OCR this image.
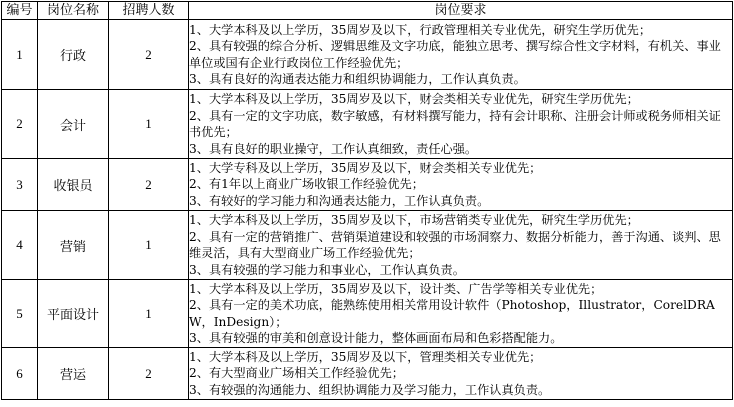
编号	岗位名称	招聘人数	岗位要求
1	行政	2	1、大学本科及以上学历，35周岁及以下，行政管理相关专业优先，研究生学历优先；
2、具有较强的综合分析、逻辑思维及文字功底，能独立思考、撰写综合性文字材料，有机关、事业单位或国有企业行政岗位工作经验优先；
3、具有良好的沟通表达能力和组织协调能力，工作认真负责。

2	会计	1	1、大学本科及以上学历，35周岁及以下，财会类相关专业优先，研究生学历优先；
2、具有一定的文字功底，数字敏感，有材料撰写能力，持有会计职称、注册会计师或税务师相关证书优先；
3、具有良好的职业操守，工作认真细致，责任心强。

3	收银员	2	1、大学专科及以上学历，35周岁及以下，财会类相关专业优先；
2、有1年以上商业广场收银工作经验优先；
3、有较好的学习能力和沟通表达能力，工作认真负责。

4	营销	1	1、大学本科及以上学历，35周岁及以下，市场营销类专业优先，研究生学历优先；
2、具有一定的营销推广、营销渠道建设和较强的市场洞察力、数据分析能力，善于沟通、谈判、思维灵活，具有大型商业广场工作经验优先；
3、具有较强的学习能力和事业心，工作认真负责。

5	平面设计	1	1、大学本科及以上学历，35周岁及以下，设计类、广告学等相关专业优先；
2、具有一定的美术功底，能熟练使用相关常用设计软件（Photoshop，Illustrator，CorelDRAW，InDesign）；
3、具有较强的审美和创意设计能力，整体画面布局和色彩搭配能力。

6	营运	2	1、大学本科及以上学历，35周岁及以下，管理类相关专业优先；
2、有大型商业广场相关工作经验优先；
3、有较强的沟通能力、组织协调能力及学习能力，工作认真负责。
